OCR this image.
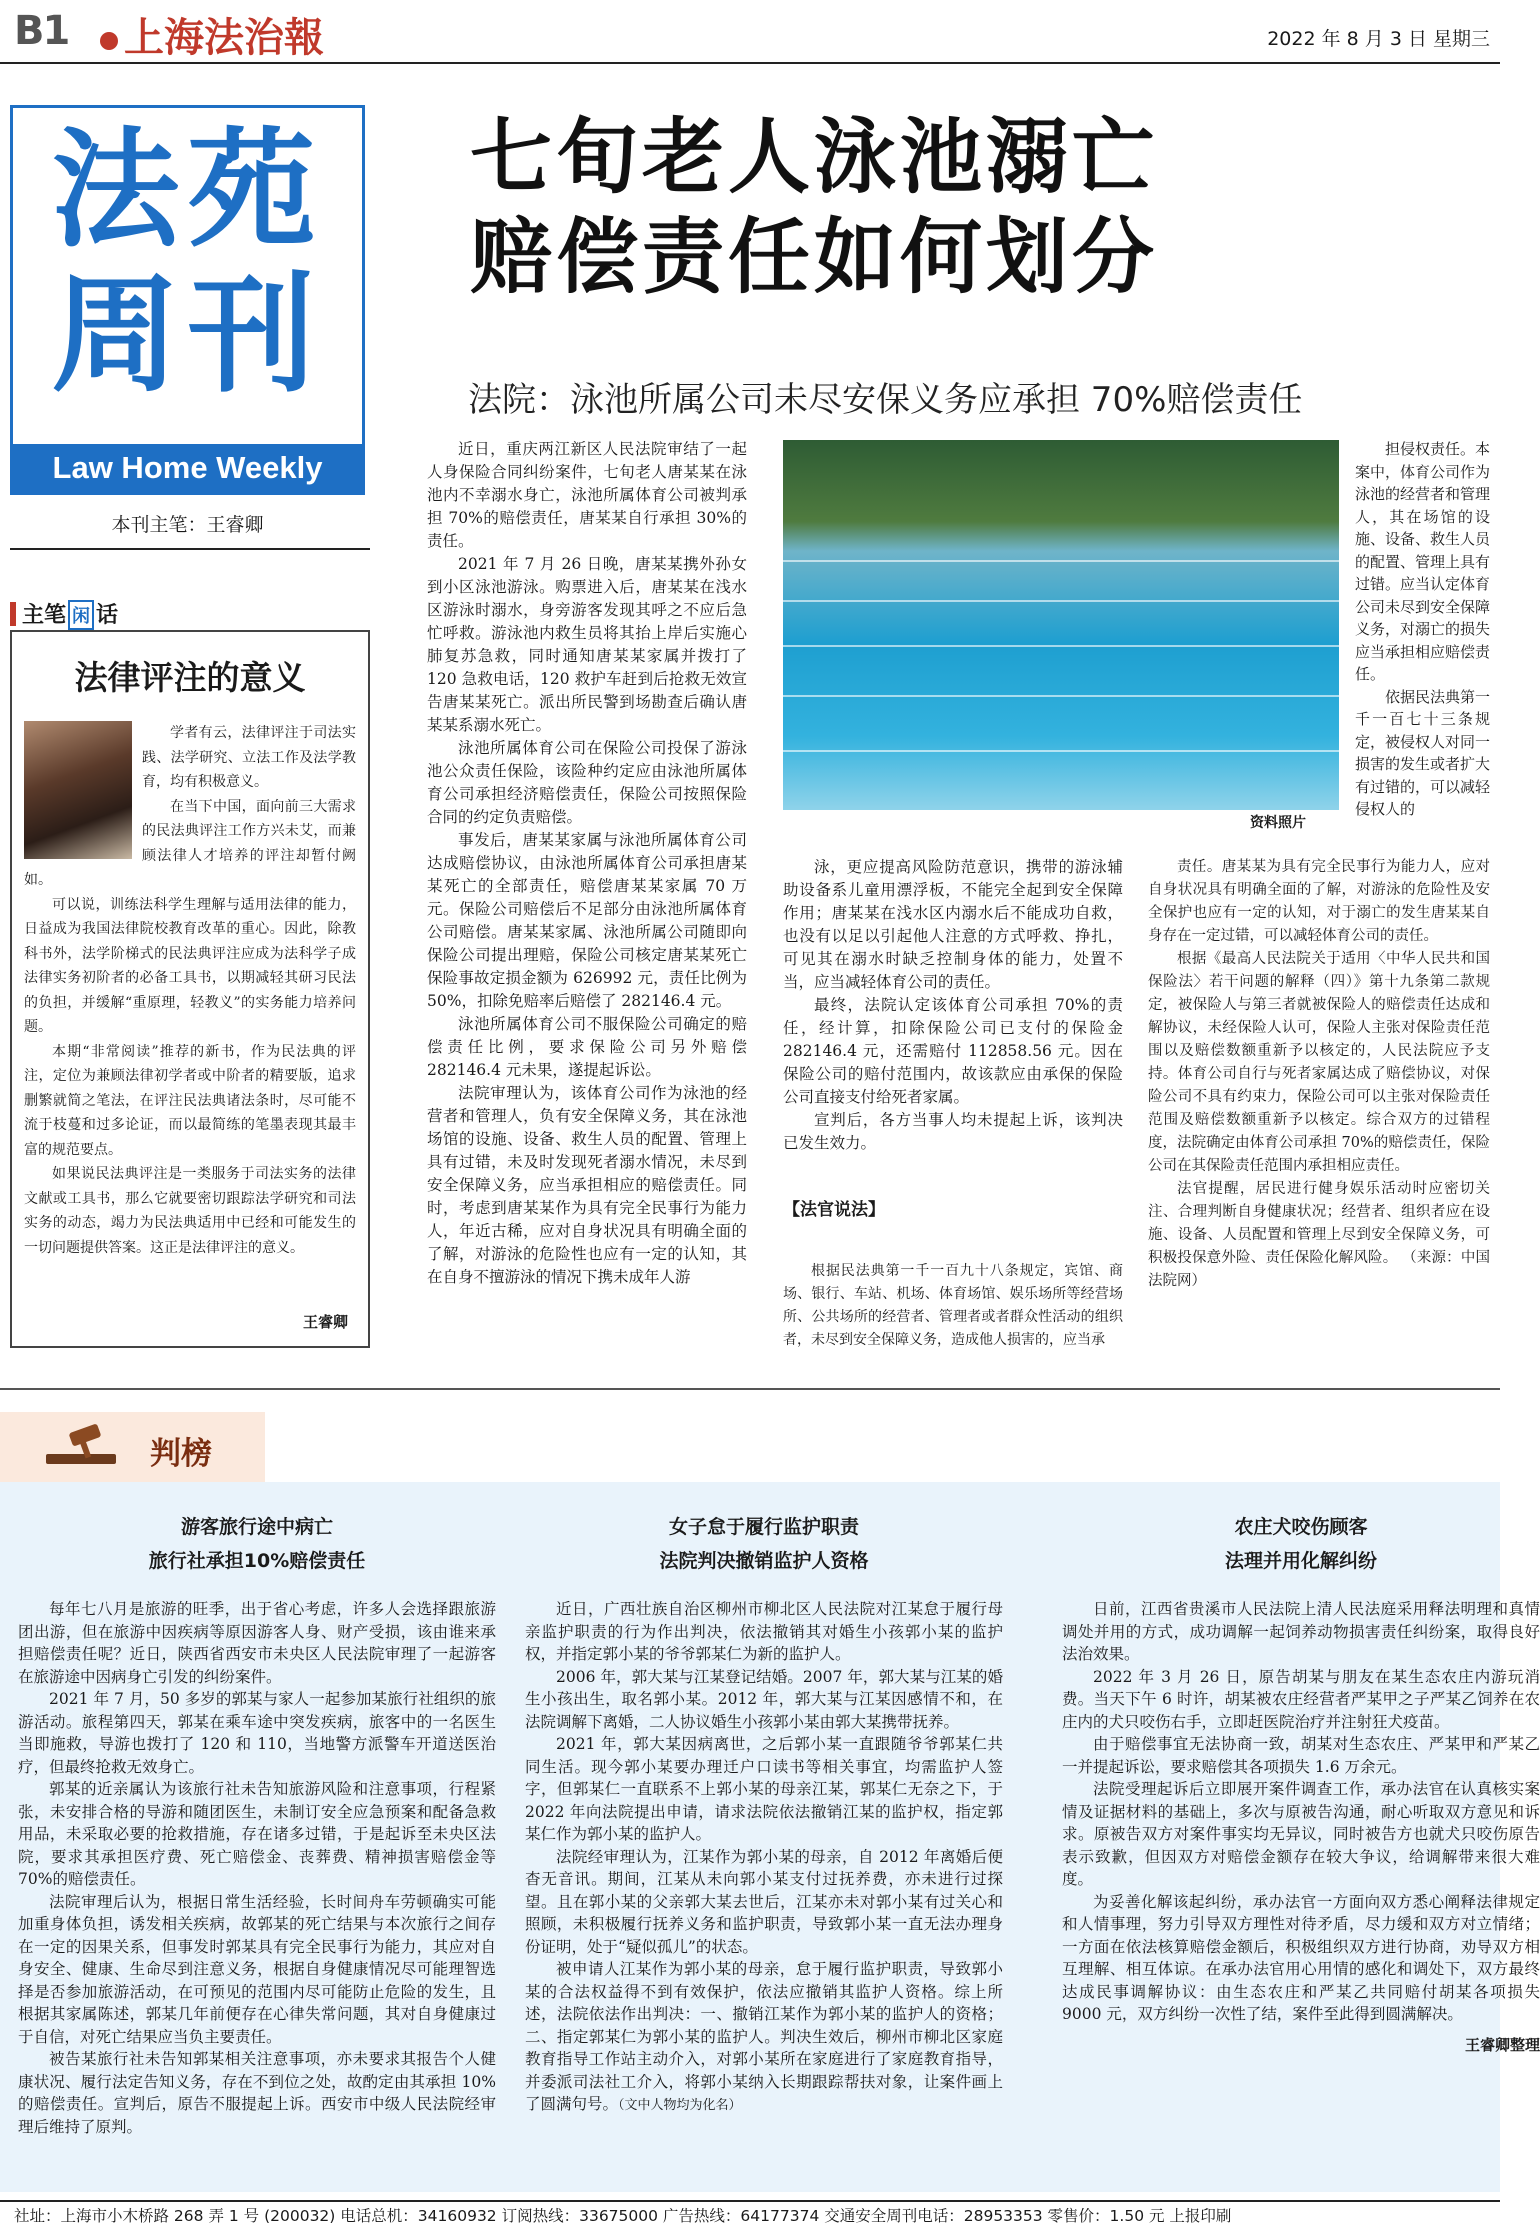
B1	上海法治報	2022 年 8 月 3 日 星期三
法苑周刊
Law Home Weekly
本刊主笔：王睿卿
七旬老人泳池溺亡
赔偿责任如何划分
法院：泳池所属公司未尽安保义务应承担 70%赔偿责任
主笔 闲 话
法律评注的意义

学者有云，法律评注于司法实践、法学研究、立法工作及法学教育，均有积极意义。

在当下中国，面向前三大需求的民法典评注工作方兴未艾，而兼顾法律人才培养的评注却暂付阙如。

可以说，训练法科学生理解与适用法律的能力，日益成为我国法律院校教育改革的重心。因此，除教科书外，法学阶梯式的民法典评注应成为法科学子成法律实务初阶者的必备工具书，以期减轻其研习民法的负担，并缓解“重原理，轻教义”的实务能力培养问题。

本期“非常阅读”推荐的新书，作为民法典的评注，定位为兼顾法律初学者或中阶者的精要版，追求删繁就简之笔法，在评注民法典诸法条时，尽可能不流于枝蔓和过多论证，而以最简练的笔墨表现其最丰富的规范要点。

如果说民法典评注是一类服务于司法实务的法律文献或工具书，那么它就要密切跟踪法学研究和司法实务的动态，竭力为民法典适用中已经和可能发生的一切问题提供答案。这正是法律评注的意义。

王睿卿

近日，重庆两江新区人民法院审结了一起人身保险合同纠纷案件，七旬老人唐某某在泳池内不幸溺水身亡，泳池所属体育公司被判承担 70%的赔偿责任，唐某某自行承担 30%的责任。

2021 年 7 月 26 日晚，唐某某携外孙女到小区泳池游泳。购票进入后，唐某某在浅水区游泳时溺水，身旁游客发现其呼之不应后急忙呼救。游泳池内救生员将其抬上岸后实施心肺复苏急救，同时通知唐某某家属并拨打了 120 急救电话，120 救护车赶到后抢救无效宣告唐某某死亡。派出所民警到场勘查后确认唐某某系溺水死亡。

泳池所属体育公司在保险公司投保了游泳池公众责任保险，该险种约定应由泳池所属体育公司承担经济赔偿责任，保险公司按照保险合同的约定负责赔偿。

事发后，唐某某家属与泳池所属体育公司达成赔偿协议，由泳池所属体育公司承担唐某某死亡的全部责任，赔偿唐某某家属 70 万元。保险公司赔偿后不足部分由泳池所属体育公司赔偿。唐某某家属、泳池所属公司随即向保险公司提出理赔，保险公司核定唐某某死亡保险事故定损金额为 626992 元，责任比例为 50%，扣除免赔率后赔偿了 282146.4 元。

泳池所属体育公司不服保险公司确定的赔偿责任比例，要求保险公司另外赔偿 282146.4 元未果，遂提起诉讼。

法院审理认为，该体育公司作为泳池的经营者和管理人，负有安全保障义务，其在泳池场馆的设施、设备、救生人员的配置、管理上具有过错，未及时发现死者溺水情况，未尽到安全保障义务，应当承担相应的赔偿责任。同时，考虑到唐某某作为具有完全民事行为能力人，年近古稀，应对自身状况具有明确全面的了解，对游泳的危险性也应有一定的认知，其在自身不擅游泳的情况下携未成年人游

资料照片

担侵权责任。本案中，体育公司作为泳池的经营者和管理人，其在场馆的设施、设备、救生人员的配置、管理上具有过错。应当认定体育公司未尽到安全保障义务，对溺亡的损失应当承担相应赔偿责任。

依据民法典第一千一百七十三条规定，被侵权人对同一损害的发生或者扩大有过错的，可以减轻侵权人的

泳，更应提高风险防范意识，携带的游泳辅助设备系儿童用漂浮板，不能完全起到安全保障作用；唐某某在浅水区内溺水后不能成功自救，也没有以足以引起他人注意的方式呼救、挣扎，可见其在溺水时缺乏控制身体的能力，处置不当，应当减轻体育公司的责任。

最终，法院认定该体育公司承担 70%的责任，经计算，扣除保险公司已支付的保险金 282146.4 元，还需赔付 112858.56 元。因在保险公司的赔付范围内，故该款应由承保的保险公司直接支付给死者家属。

宣判后，各方当事人均未提起上诉，该判决已发生效力。

【法官说法】
根据民法典第一千一百九十八条规定，宾馆、商场、银行、车站、机场、体育场馆、娱乐场所等经营场所、公共场所的经营者、管理者或者群众性活动的组织者，未尽到安全保障义务，造成他人损害的，应当承

责任。唐某某为具有完全民事行为能力人，应对自身状况具有明确全面的了解，对游泳的危险性及安全保护也应有一定的认知，对于溺亡的发生唐某某自身存在一定过错，可以减轻体育公司的责任。

根据《最高人民法院关于适用〈中华人民共和国保险法〉若干问题的解释（四）》第十九条第二款规定，被保险人与第三者就被保险人的赔偿责任达成和解协议，未经保险人认可，保险人主张对保险责任范围以及赔偿数额重新予以核定的，人民法院应予支持。体育公司自行与死者家属达成了赔偿协议，对保险公司不具有约束力，保险公司可以主张对保险责任范围及赔偿数额重新予以核定。综合双方的过错程度，法院确定由体育公司承担 70%的赔偿责任，保险公司在其保险责任范围内承担相应责任。

法官提醒，居民进行健身娱乐活动时应密切关注、合理判断自身健康状况；经营者、组织者应在设施、设备、人员配置和管理上尽到安全保障义务，可积极投保意外险、责任保险化解风险。 （来源：中国法院网）

判榜
游客旅行途中病亡
旅行社承担10%赔偿责任

每年七八月是旅游的旺季，出于省心考虑，许多人会选择跟旅游团出游，但在旅游中因疾病等原因游客人身、财产受损，该由谁来承担赔偿责任呢？近日，陕西省西安市未央区人民法院审理了一起游客在旅游途中因病身亡引发的纠纷案件。

2021 年 7 月，50 多岁的郭某与家人一起参加某旅行社组织的旅游活动。旅程第四天，郭某在乘车途中突发疾病，旅客中的一名医生当即施救，导游也拨打了 120 和 110，当地警方派警车开道送医治疗，但最终抢救无效身亡。

郭某的近亲属认为该旅行社未告知旅游风险和注意事项，行程紧张，未安排合格的导游和随团医生，未制订安全应急预案和配备急救用品，未采取必要的抢救措施，存在诸多过错，于是起诉至未央区法院，要求其承担医疗费、死亡赔偿金、丧葬费、精神损害赔偿金等 70%的赔偿责任。

法院审理后认为，根据日常生活经验，长时间舟车劳顿确实可能加重身体负担，诱发相关疾病，故郭某的死亡结果与本次旅行之间存在一定的因果关系，但事发时郭某具有完全民事行为能力，其应对自身安全、健康、生命尽到注意义务，根据自身健康情况尽可能理智选择是否参加旅游活动，在可预见的范围内尽可能防止危险的发生，且根据其家属陈述，郭某几年前便存在心律失常问题，其对自身健康过于自信，对死亡结果应当负主要责任。

被告某旅行社未告知郭某相关注意事项，亦未要求其报告个人健康状况、履行法定告知义务，存在不到位之处，故酌定由其承担 10%的赔偿责任。宣判后，原告不服提起上诉。西安市中级人民法院经审理后维持了原判。

女子怠于履行监护职责
法院判决撤销监护人资格

近日，广西壮族自治区柳州市柳北区人民法院对江某怠于履行母亲监护职责的行为作出判决，依法撤销其对婚生小孩郭小某的监护权，并指定郭小某的爷爷郭某仁为新的监护人。

2006 年，郭大某与江某登记结婚。2007 年，郭大某与江某的婚生小孩出生，取名郭小某。2012 年，郭大某与江某因感情不和，在法院调解下离婚，二人协议婚生小孩郭小某由郭大某携带抚养。

2021 年，郭大某因病离世，之后郭小某一直跟随爷爷郭某仁共同生活。现今郭小某要办理迁户口读书等相关事宜，均需监护人签字，但郭某仁一直联系不上郭小某的母亲江某，郭某仁无奈之下，于 2022 年向法院提出申请，请求法院依法撤销江某的监护权，指定郭某仁作为郭小某的监护人。

法院经审理认为，江某作为郭小某的母亲，自 2012 年离婚后便杳无音讯。期间，江某从未向郭小某支付过抚养费，亦未进行过探望。且在郭小某的父亲郭大某去世后，江某亦未对郭小某有过关心和照顾，未积极履行抚养义务和监护职责，导致郭小某一直无法办理身份证明，处于“疑似孤儿”的状态。

被申请人江某作为郭小某的母亲，怠于履行监护职责，导致郭小某的合法权益得不到有效保护，依法应撤销其监护人资格。综上所述，法院依法作出判决：一、撤销江某作为郭小某的监护人的资格；二、指定郭某仁为郭小某的监护人。判决生效后，柳州市柳北区家庭教育指导工作站主动介入，对郭小某所在家庭进行了家庭教育指导，并委派司法社工介入，将郭小某纳入长期跟踪帮扶对象，让案件画上了圆满句号。（文中人物均为化名）

农庄犬咬伤顾客
法理并用化解纠纷

日前，江西省贵溪市人民法院上清人民法庭采用释法明理和真情调处并用的方式，成功调解一起饲养动物损害责任纠纷案，取得良好法治效果。

2022 年 3 月 26 日，原告胡某与朋友在某生态农庄内游玩消费。当天下午 6 时许，胡某被农庄经营者严某甲之子严某乙饲养在农庄内的犬只咬伤右手，立即赶医院治疗并注射狂犬疫苗。

由于赔偿事宜无法协商一致，胡某对生态农庄、严某甲和严某乙一并提起诉讼，要求赔偿其各项损失 1.6 万余元。

法院受理起诉后立即展开案件调查工作，承办法官在认真核实案情及证据材料的基础上，多次与原被告沟通，耐心听取双方意见和诉求。原被告双方对案件事实均无异议，同时被告方也就犬只咬伤原告表示致歉，但因双方对赔偿金额存在较大争议，给调解带来很大难度。

为妥善化解该起纠纷，承办法官一方面向双方悉心阐释法律规定和人情事理，努力引导双方理性对待矛盾，尽力缓和双方对立情绪；一方面在依法核算赔偿金额后，积极组织双方进行协商，劝导双方相互理解、相互体谅。在承办法官用心用情的感化和调处下，双方最终达成民事调解协议：由生态农庄和严某乙共同赔付胡某各项损失 9000 元，双方纠纷一次性了结，案件至此得到圆满解决。

王睿卿整理
社址：上海市小木桥路 268 弄 1 号 (200032) 电话总机：34160932 订阅热线：33675000 广告热线：64177374 交通安全周刊电话：28953353 零售价：1.50 元 上报印刷
